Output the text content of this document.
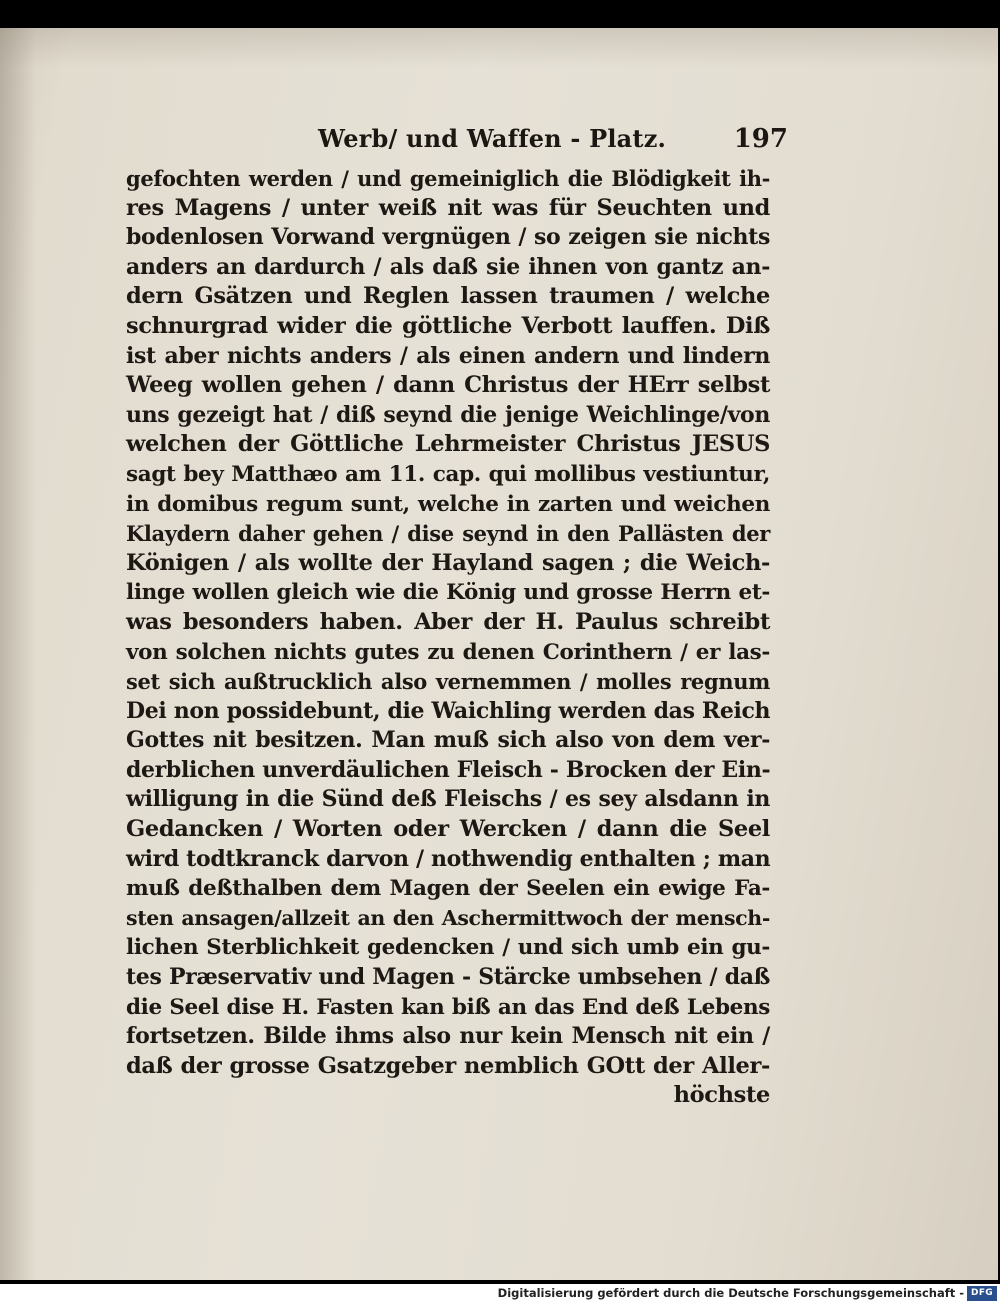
Werb/ und Waffen - Platz.	197
gefochten werden / und gemeiniglich die Blödigkeit ih-
res Magens / unter weiß nit was für Seuchten und
bodenlosen Vorwand vergnügen / so zeigen sie nichts
anders an dardurch / als daß sie ihnen von gantz an-
dern Gsätzen und Reglen lassen traumen / welche
schnurgrad wider die göttliche Verbott lauffen. Diß
ist aber nichts anders / als einen andern und lindern
Weeg wollen gehen / dann Christus der HErr selbst
uns gezeigt hat / diß seynd die jenige Weichlinge/von
welchen der Göttliche Lehrmeister Christus JESUS
sagt bey Matthæo am 11. cap. qui mollibus vestiuntur,
in domibus regum sunt, welche in zarten und weichen
Klaydern daher gehen / dise seynd in den Pallästen der
Königen / als wollte der Hayland sagen ; die Weich-
linge wollen gleich wie die König und grosse Herrn et-
was besonders haben. Aber der H. Paulus schreibt
von solchen nichts gutes zu denen Corinthern / er las-
set sich außtrucklich also vernemmen / molles regnum
Dei non possidebunt, die Waichling werden das Reich
Gottes nit besitzen. Man muß sich also von dem ver-
derblichen unverdäulichen Fleisch - Brocken der Ein-
willigung in die Sünd deß Fleischs / es sey alsdann in
Gedancken / Worten oder Wercken / dann die Seel
wird todtkranck darvon / nothwendig enthalten ; man
muß deßthalben dem Magen der Seelen ein ewige Fa-
sten ansagen/allzeit an den Aschermittwoch der mensch-
lichen Sterblichkeit gedencken / und sich umb ein gu-
tes Præservativ und Magen - Stärcke umbsehen / daß
die Seel dise H. Fasten kan biß an das End deß Lebens
fortsetzen. Bilde ihms also nur kein Mensch nit ein /
daß der grosse Gsatzgeber nemblich GOtt der Aller-
höchste
Digitalisierung gefördert durch die Deutsche Forschungsgemeinschaft - DFG
